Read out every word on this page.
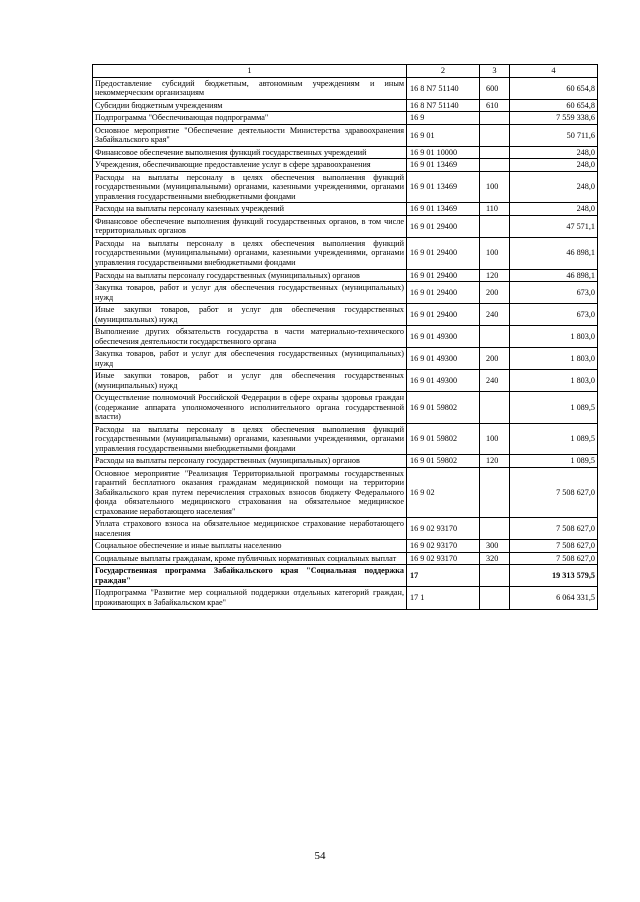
1	2	3	4
Предоставление субсидий бюджетным, автономным учреждениям и иным некоммерческим организациям	16 8 N7 51140	600	60 654,8
Субсидии бюджетным учреждениям	16 8 N7 51140	610	60 654,8
Подпрограмма "Обеспечивающая подпрограмма"	16 9		7 559 338,6
Основное мероприятие "Обеспечение деятельности Министерства здравоохранения Забайкальского края"	16 9 01		50 711,6
Финансовое обеспечение выполнения функций государственных учреждений	16 9 01 10000		248,0
Учреждения, обеспечивающие предоставление услуг в сфере здравоохранения	16 9 01 13469		248,0
Расходы на выплаты персоналу в целях обеспечения выполнения функций государственными (муниципальными) органами, казенными учреждениями, органами управления государственными внебюджетными фондами	16 9 01 13469	100	248,0
Расходы на выплаты персоналу казенных учреждений	16 9 01 13469	110	248,0
Финансовое обеспечение выполнения функций государственных органов, в том числе территориальных органов	16 9 01 29400		47 571,1
Расходы на выплаты персоналу в целях обеспечения выполнения функций государственными (муниципальными) органами, казенными учреждениями, органами управления государственными внебюджетными фондами	16 9 01 29400	100	46 898,1
Расходы на выплаты персоналу государственных (муниципальных) органов	16 9 01 29400	120	46 898,1
Закупка товаров, работ и услуг для обеспечения государственных (муниципальных) нужд	16 9 01 29400	200	673,0
Иные закупки товаров, работ и услуг для обеспечения государственных (муниципальных) нужд	16 9 01 29400	240	673,0
Выполнение других обязательств государства в части материально-технического обеспечения деятельности государственного органа	16 9 01 49300		1 803,0
Закупка товаров, работ и услуг для обеспечения государственных (муниципальных) нужд	16 9 01 49300	200	1 803,0
Иные закупки товаров, работ и услуг для обеспечения государственных (муниципальных) нужд	16 9 01 49300	240	1 803,0
Осуществление полномочий Российской Федерации в сфере охраны здоровья граждан (содержание аппарата уполномоченного исполнительного органа государственной власти)	16 9 01 59802		1 089,5
Расходы на выплаты персоналу в целях обеспечения выполнения функций государственными (муниципальными) органами, казенными учреждениями, органами управления государственными внебюджетными фондами	16 9 01 59802	100	1 089,5
Расходы на выплаты персоналу государственных (муниципальных) органов	16 9 01 59802	120	1 089,5
Основное мероприятие "Реализация Территориальной программы государственных гарантий бесплатного оказания гражданам медицинской помощи на территории Забайкальского края путем перечисления страховых взносов бюджету Федерального фонда обязательного медицинского страхования на обязательное медицинское страхование неработающего населения"	16 9 02		7 508 627,0
Уплата страхового взноса на обязательное медицинское страхование неработающего населения	16 9 02 93170		7 508 627,0
Социальное обеспечение и иные выплаты населению	16 9 02 93170	300	7 508 627,0
Социальные выплаты гражданам, кроме публичных нормативных социальных выплат	16 9 02 93170	320	7 508 627,0
Государственная программа Забайкальского края "Социальная поддержка граждан"	17		19 313 579,5
Подпрограмма "Развитие мер социальной поддержки отдельных категорий граждан, проживающих в Забайкальском крае"	17 1		6 064 331,5
54
